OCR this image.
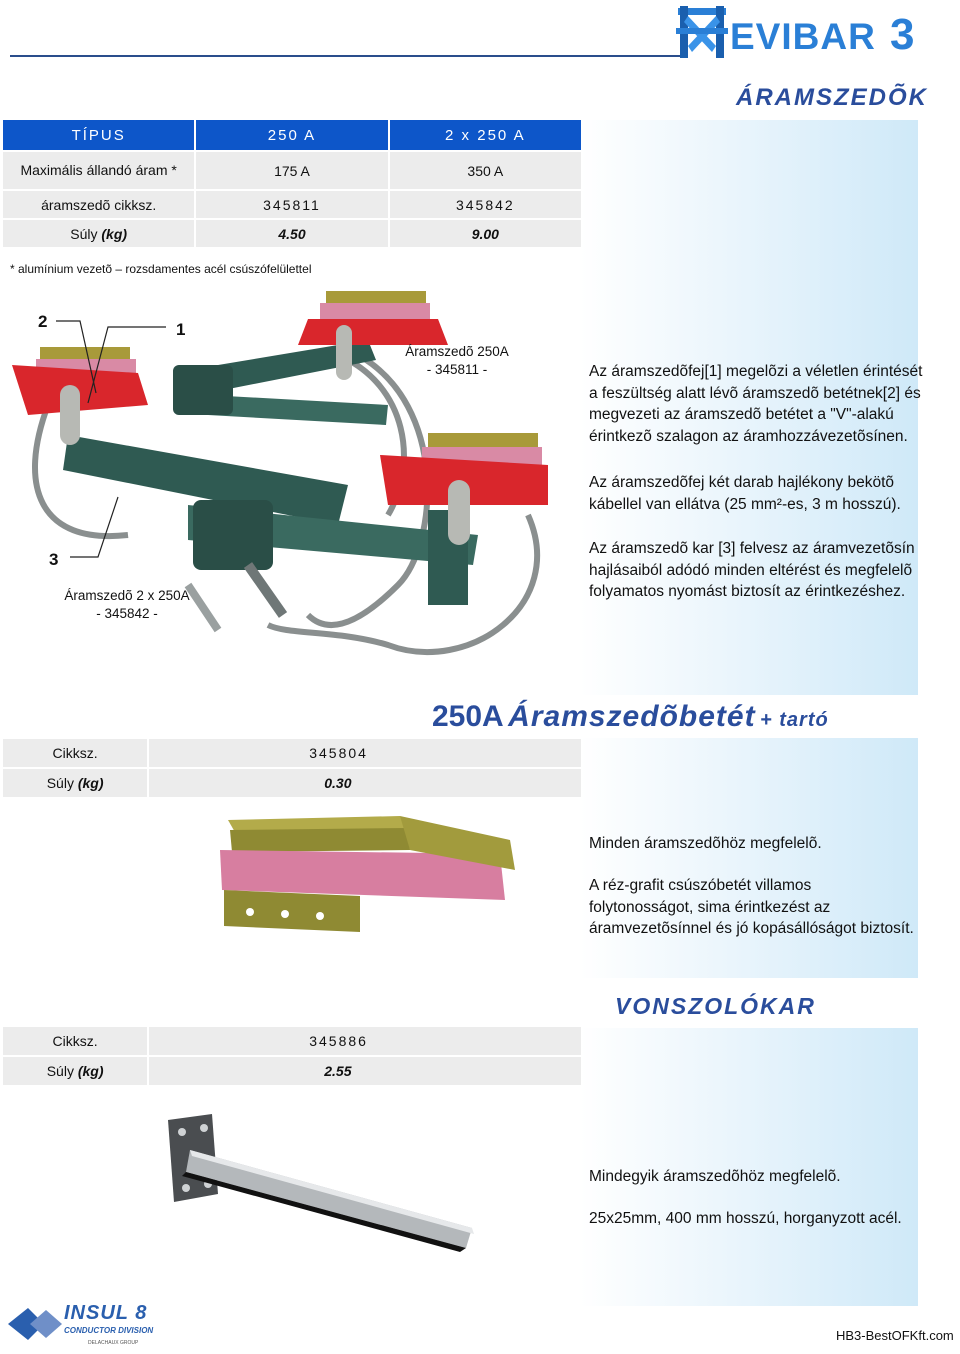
EVIBAR 3
ÁRAMSZEDÕK
TÍPUS	250 A	2 x 250 A
Maximális állandó áram *	175 A	350 A
áramszedõ cikksz.	345811	345842
Súly (kg)	4.50	9.00
* alumínium vezetõ – rozsdamentes acél csúszófelülettel
2	1
3
Áramszedõ 250A
- 345811 -
Áramszedõ 2 x 250A
- 345842 -
Az áramszedõfej[1] megelõzi a véletlen érintését a feszültség alatt lévõ áramszedõ betétnek[2] és megvezeti az áramszedõ betétet a "V"-alakú érintkezõ szalagon az áramhozzávezetõsínen.
Az áramszedõfej két darab hajlékony bekötõ kábellel van ellátva (25 mm²-es, 3 m hosszú).
Az áramszedõ kar [3] felvesz az áramvezetõsín hajlásaiból adódó minden eltérést és megfelelõ folyamatos nyomást biztosít az érintkezéshez.
250A Áramszedõbetét + tartó
Cikksz.	345804
Súly (kg)	0.30
Minden áramszedõhöz megfelelõ.
A réz-grafit csúszóbetét villamos folytonosságot, sima érintkezést az áramvezetõsínnel és jó kopásállóságot biztosít.
VONSZOLÓKAR
Cikksz.	345886
Súly (kg)	2.55
Mindegyik áramszedõhöz megfelelõ.
25x25mm, 400 mm hosszú, horganyzott acél.
INSUL 8
CONDUCTOR DIVISION
DELACHAUX GROUP	HB3-BestOFKft.com
